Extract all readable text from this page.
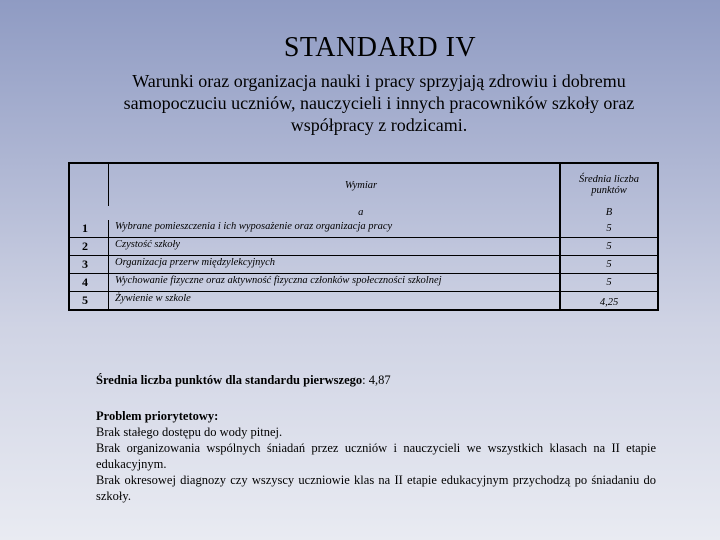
STANDARD IV
Warunki oraz organizacja nauki i pracy sprzyjają zdrowiu i dobremu samopoczuciu uczniów, nauczycieli i innych pracowników szkoły oraz współpracy z rodzicami.
	Wymiar	Średnia liczba punktów
	a	B
1	Wybrane pomieszczenia i ich wyposażenie oraz organizacja pracy	5
2	Czystość szkoły	5
3	Organizacja przerw międzylekcyjnych	5
4	Wychowanie fizyczne oraz aktywność fizyczna członków społeczności szkolnej	5
5	Żywienie w szkole	4,25
Średnia liczba punktów dla standardu pierwszego: 4,87
Problem priorytetowy:
Brak stałego dostępu do wody pitnej.
Brak organizowania wspólnych śniadań przez uczniów i nauczycieli we wszystkich klasach na II etapie edukacyjnym.
Brak okresowej diagnozy czy wszyscy uczniowie klas na II etapie edukacyjnym przychodzą po śniadaniu do szkoły.
